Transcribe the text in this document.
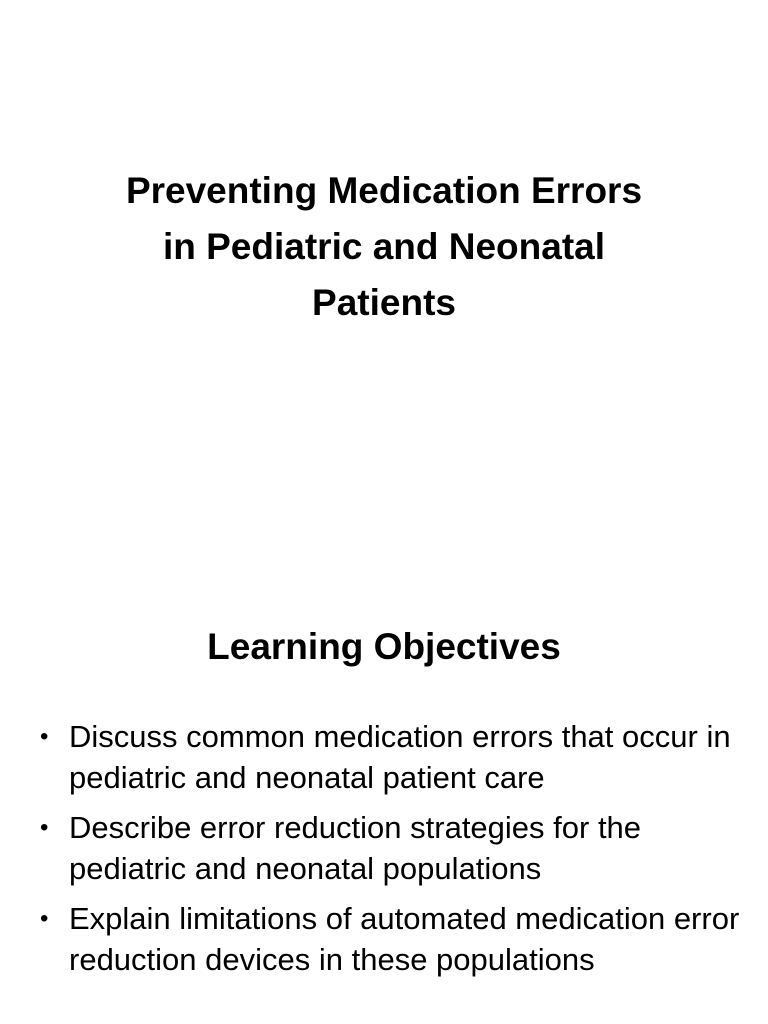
Preventing Medication Errors
in Pediatric and Neonatal
Patients
Learning Objectives
• Discuss common medication errors that occur in pediatric and neonatal patient care
• Describe error reduction strategies for the pediatric and neonatal populations
• Explain limitations of automated medication error reduction devices in these populations
